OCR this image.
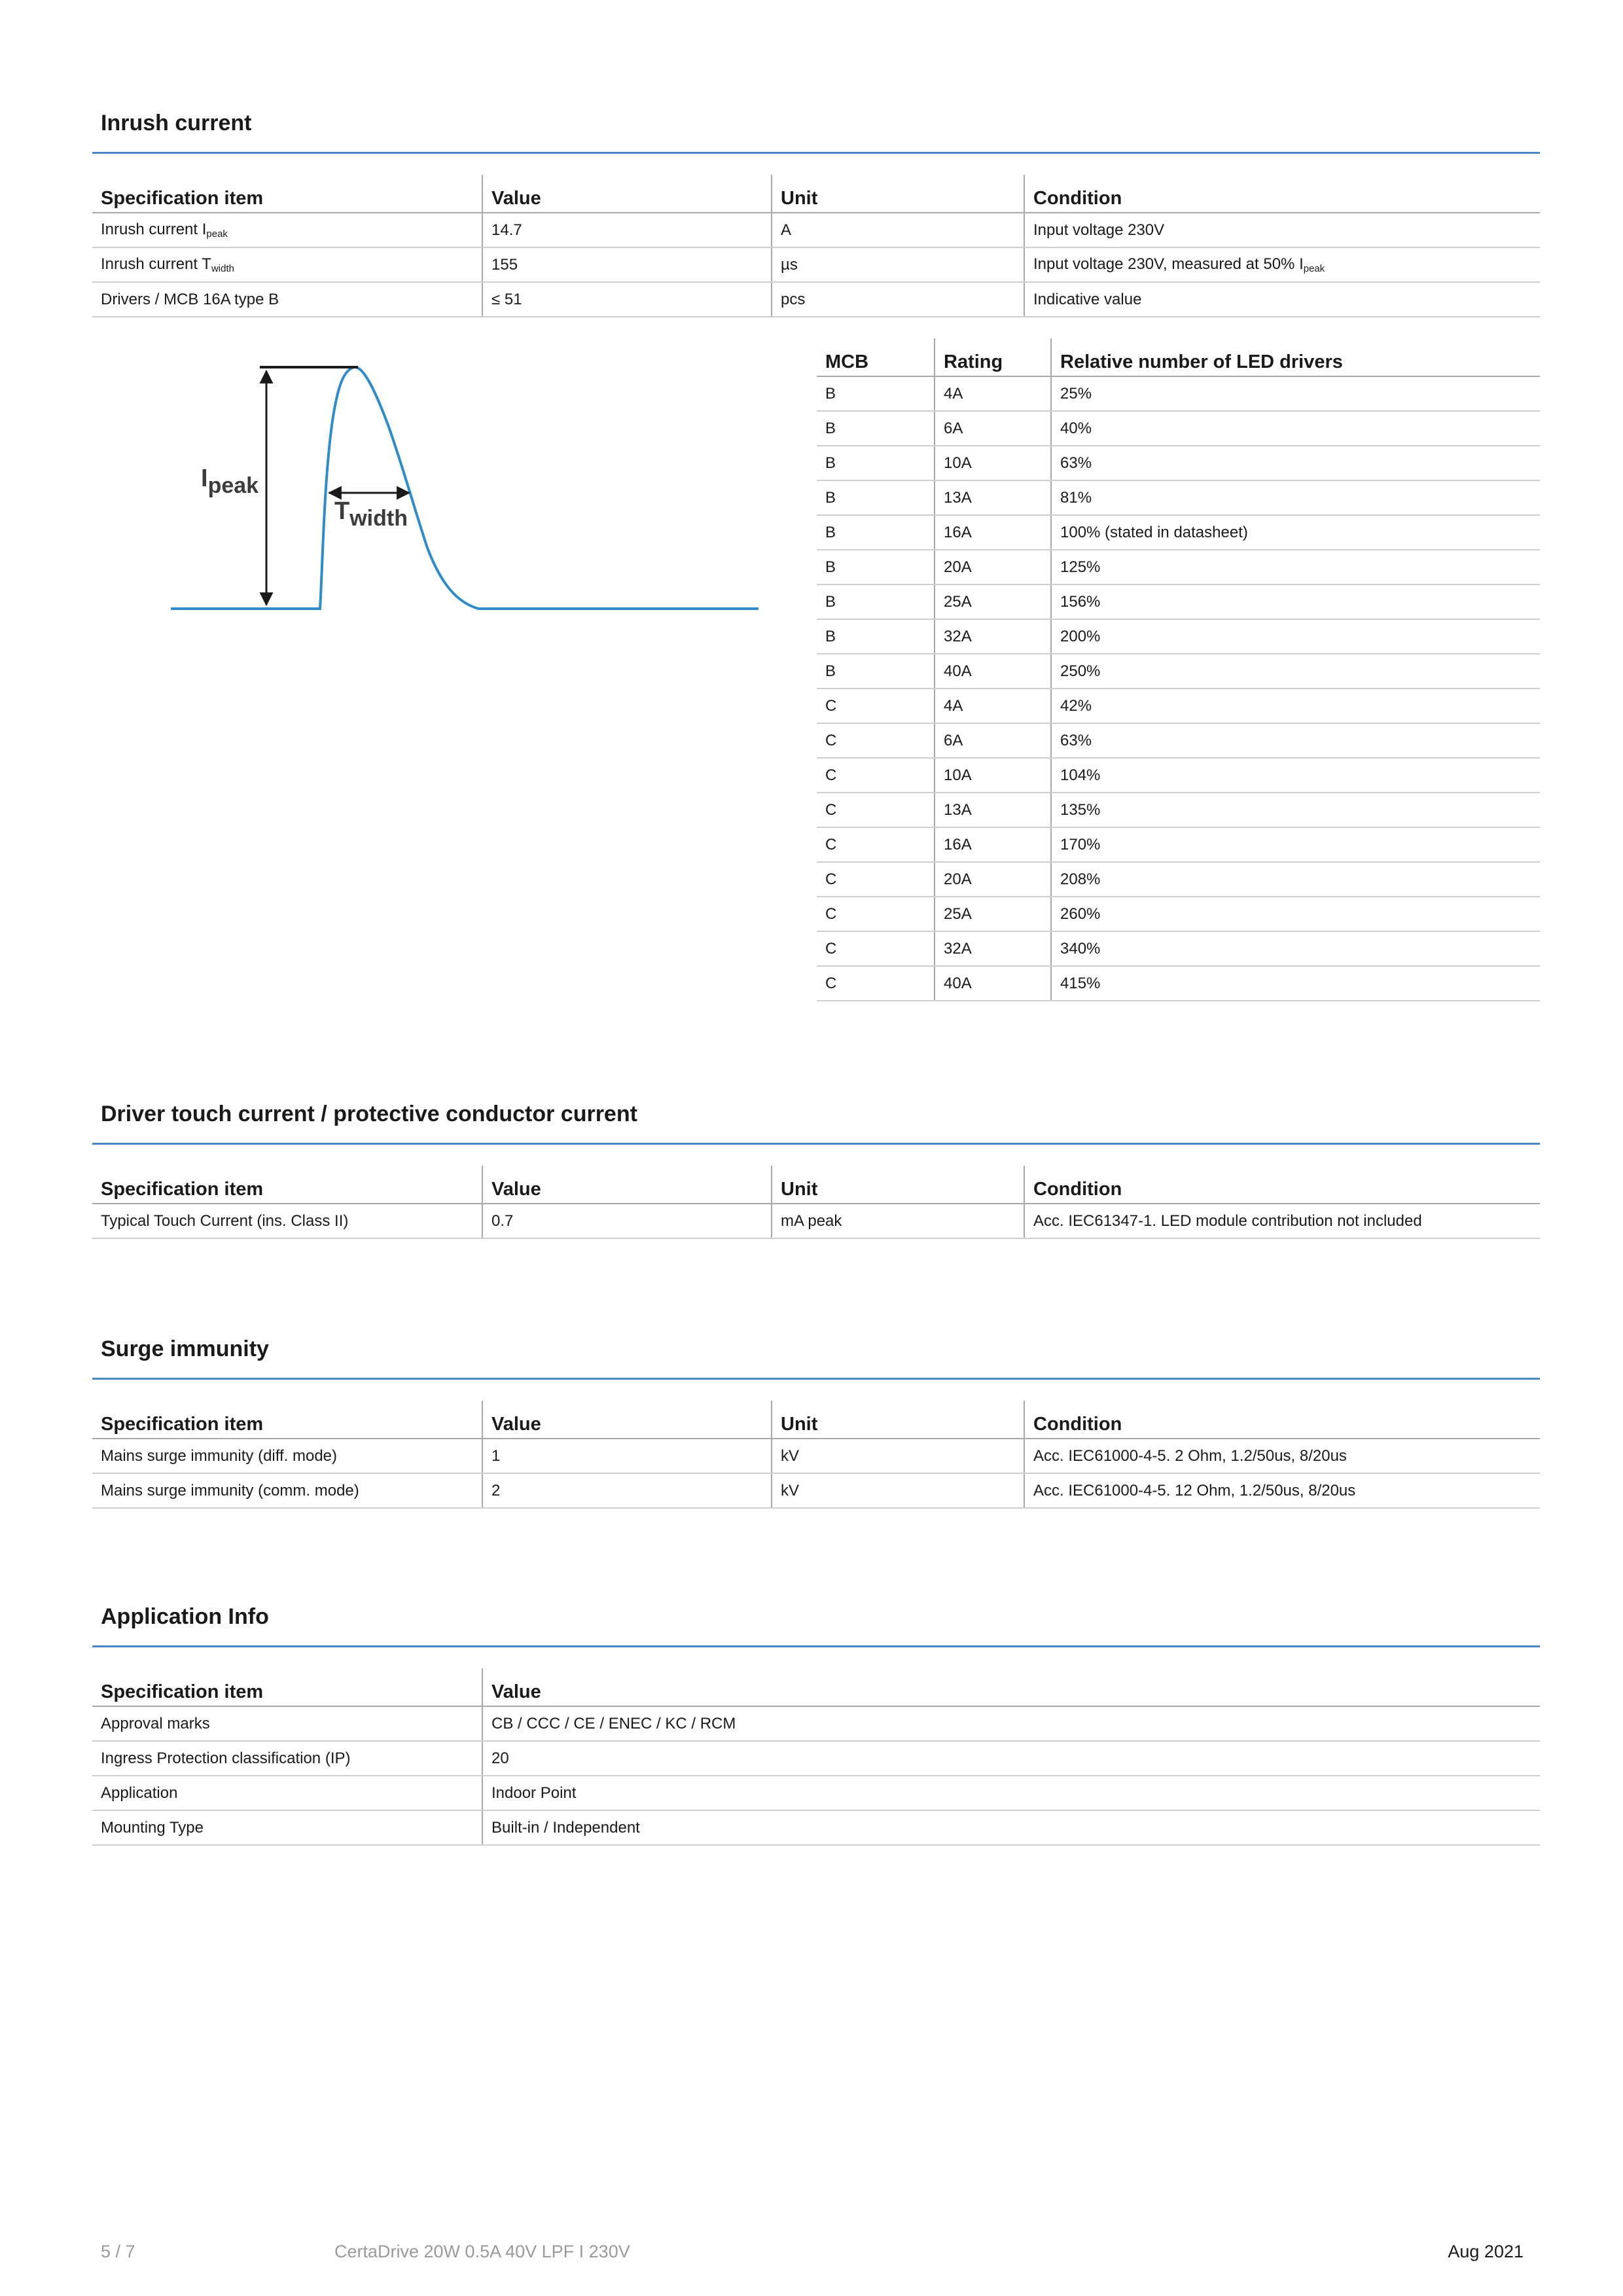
Inrush current
Specification item	Value	Unit	Condition
Inrush current $I_{peak}$	14.7	A	Input voltage 230V
Inrush current $T_{width}$	155	µs	Input voltage 230V, measured at 50% $I_{peak}$
Drivers / MCB 16A type B	≤ 51	pcs	Indicative value
Ipeak
Twidth
MCB	Rating	Relative number of LED drivers
B	4A	25%
B	6A	40%
B	10A	63%
B	13A	81%
B	16A	100% (stated in datasheet)
B	20A	125%
B	25A	156%
B	32A	200%
B	40A	250%
C	4A	42%
C	6A	63%
C	10A	104%
C	13A	135%
C	16A	170%
C	20A	208%
C	25A	260%
C	32A	340%
C	40A	415%
Driver touch current / protective conductor current
Specification item	Value	Unit	Condition
Typical Touch Current (ins. Class II)	0.7	mA peak	Acc. IEC61347-1. LED module contribution not included
Surge immunity
Specification item	Value	Unit	Condition
Mains surge immunity (diff. mode)	1	kV	Acc. IEC61000-4-5. 2 Ohm, 1.2/50us, 8/20us
Mains surge immunity (comm. mode)	2	kV	Acc. IEC61000-4-5. 12 Ohm, 1.2/50us, 8/20us
Application Info
Specification item	Value
Approval marks	CB / CCC / CE / ENEC / KC / RCM
Ingress Protection classification (IP)	20
Application	Indoor Point
Mounting Type	Built-in / Independent
5 / 7	CertaDrive 20W 0.5A 40V LPF I 230V	Aug 2021
